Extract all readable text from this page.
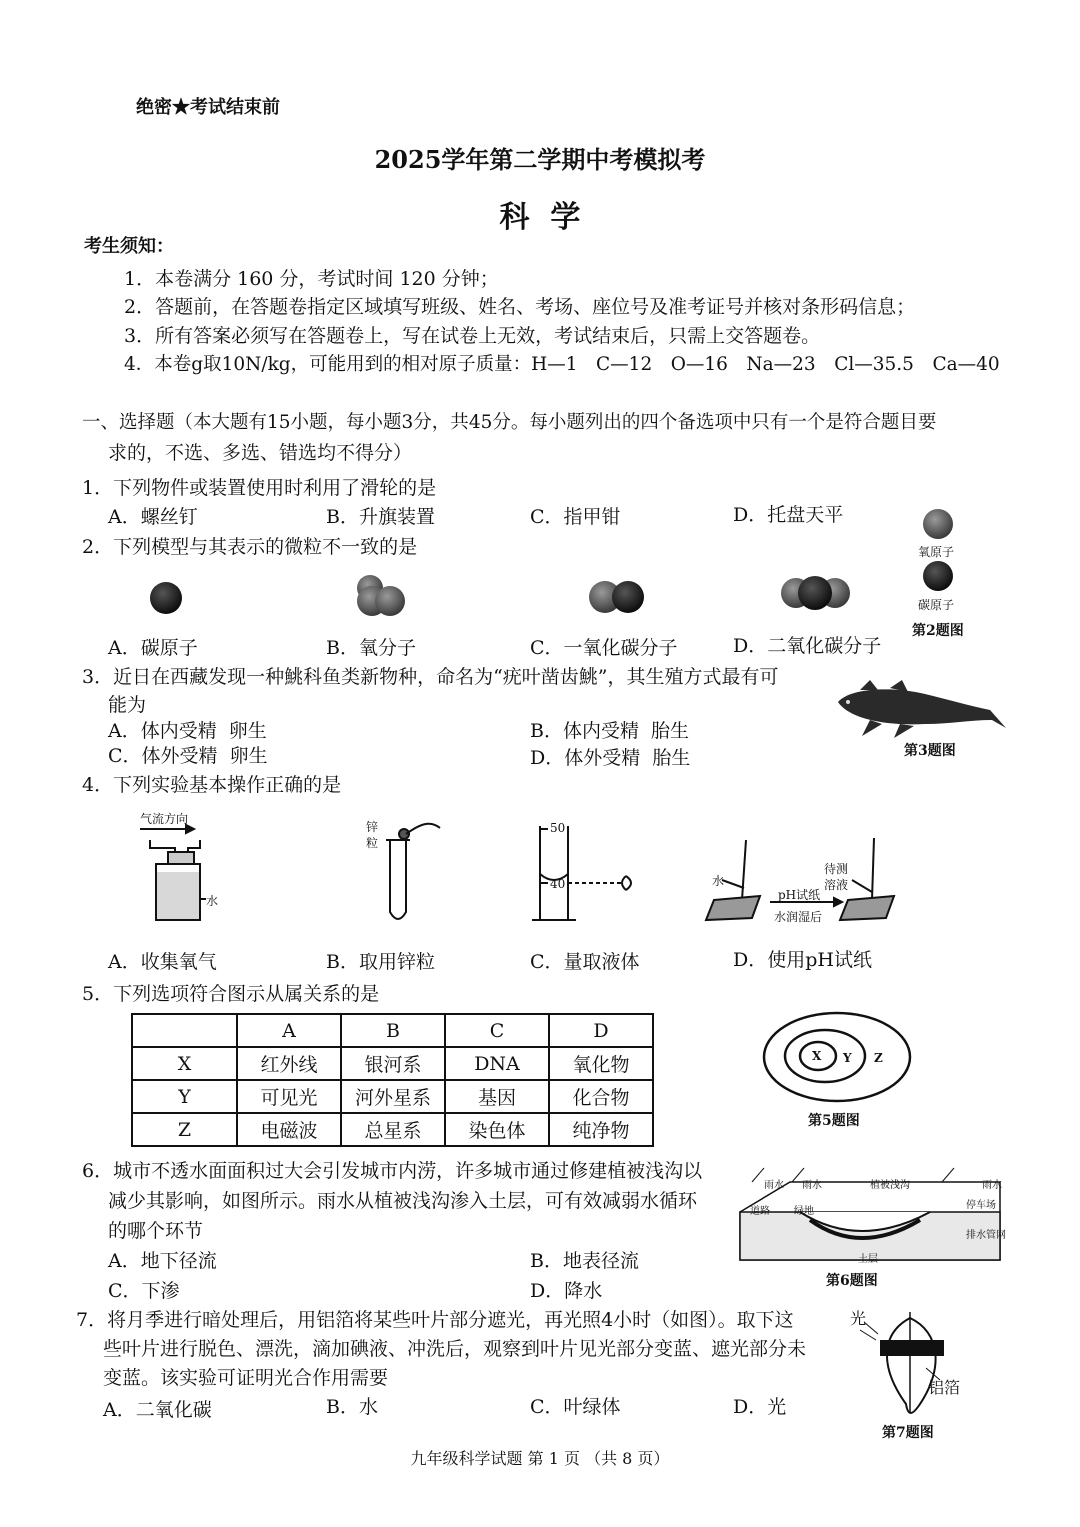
绝密★考试结束前
2025学年第二学期中考模拟考
科  学
考生须知：
1．本卷满分 160 分，考试时间 120 分钟；
2．答题前，在答题卷指定区域填写班级、姓名、考场、座位号及准考证号并核对条形码信息；
3．所有答案必须写在答题卷上，写在试卷上无效，考试结束后，只需上交答题卷。
4．本卷g取10N/kg，可能用到的相对原子质量：H—1　C—12　O—16　Na—23　Cl—35.5　Ca—40
一、选择题（本大题有15小题，每小题3分，共45分。每小题列出的四个备选项中只有一个是符合题目要
求的，不选、多选、错选均不得分）
1．下列物件或装置使用时利用了滑轮的是
A．螺丝钉	B．升旗装置	C．指甲钳	D．托盘天平
2．下列模型与其表示的微粒不一致的是	氧原子
碳原子
第2题图
A．碳原子	B．氧分子	C．一氧化碳分子	D．二氧化碳分子
3．近日在西藏发现一种鮡科鱼类新物种，命名为“疣叶凿齿鮡”，其生殖方式最有可
能为
A．体内受精  卵生	B．体内受精  胎生
C．体外受精  卵生	D．体外受精  胎生	第3题图
4．下列实验基本操作正确的是
气流方向
水
锌
粒
50
40	水
pH试纸
水润湿后
待测
溶液
A．收集氧气	B．取用锌粒	C．量取液体	D．使用pH试纸
5．下列选项符合图示从属关系的是
	A	B	C	D
X	红外线	银河系	DNA	氧化物
Y	可见光	河外星系	基因	化合物
Z	电磁波	总星系	染色体	纯净物
X Y Z
第5题图
6．城市不透水面面积过大会引发城市内涝，许多城市通过修建植被浅沟以
减少其影响，如图所示。雨水从植被浅沟渗入土层，可有效减弱水循环
的哪个环节
A．地下径流	B．地表径流
C．下渗	D．降水
雨水 雨水	雨水
植被浅沟
道路 绿地
停车场
土层
排水管网
第6题图
7．将月季进行暗处理后，用铝箔将某些叶片部分遮光，再光照4小时（如图）。取下这
些叶片进行脱色、漂洗，滴加碘液、冲洗后，观察到叶片见光部分变蓝、遮光部分未
变蓝。该实验可证明光合作用需要
A．二氧化碳	B．水	C．叶绿体	D．光
光
铝箔
第7题图
九年级科学试题 第 1 页 （共 8 页）
